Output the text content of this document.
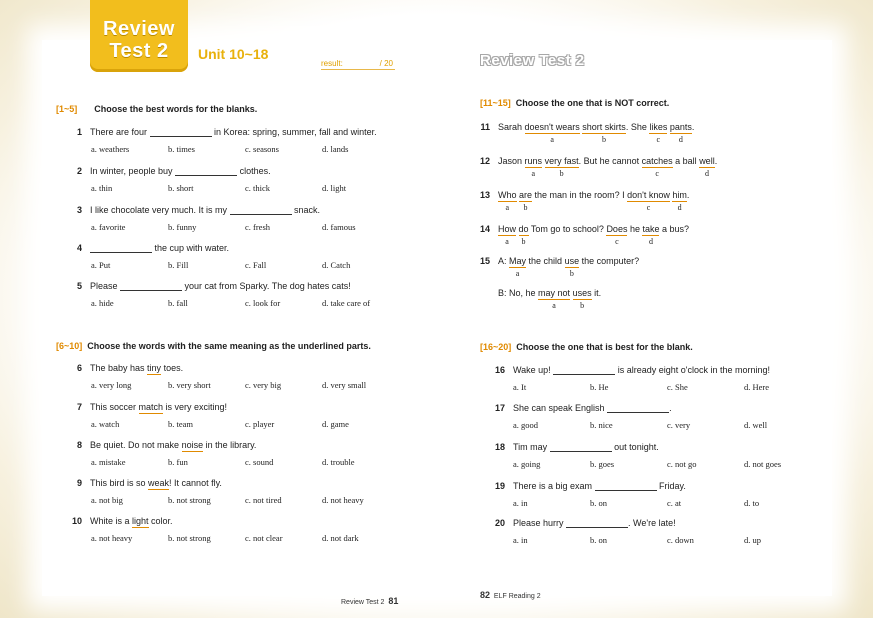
Review
Test 2	Unit 10~18
result:	/ 20	Review Test 2
[1~5] Choose the best words for the blanks.
[6~10] Choose the words with the same meaning as the underlined parts.
1 There are four	in Korea: spring, summer, fall and winter.
a. weathers	b. times	c. seasons	d. lands
2 In winter, people buy	clothes.
a. thin	b. short	c. thick	d. light
3 I like chocolate very much. It is my	snack.
a. favorite	b. funny	c. fresh	d. famous
4	the cup with water.
a. Put	b. Fill	c. Fall	d. Catch
5 Please	your cat from Sparky. The dog hates cats!
a. hide	b. fall	c. look for	d. take care of
6 The baby has tiny toes.
a. very long	b. very short	c. very big	d. very small
7 This soccer match is very exciting!
a. watch	b. team	c. player	d. game
8 Be quiet. Do not make noise in the library.
a. mistake	b. fun	c. sound	d. trouble
9 This bird is so weak! It cannot fly.
a. not big	b. not strong	c. not tired	d. not heavy
10 White is a light color.
a. not heavy	b. not strong	c. not clear	d. not dark
[11~15] Choose the one that is NOT correct.
[16~20] Choose the one that is best for the blank.
11 Sarah doesn't wears
a
short skirts
b
. She likes
c
pants
d
.
12 Jason runs
a
very fast
b
. But he cannot catches
c
a ball well
d
.
13 Who
a
are
b
the man in the room? I don't know
c
him
d
.
14 How
a
do
b
Tom go to school? Does
c
he take
d
a bus?
15 A: May
a
the child use
b
the computer?
B: No, he may not
a
uses
b
it.
16 Wake up!	is already eight o'clock in the morning!
a. It	b. He	c. She	d. Here
17 She can speak English	.
a. good	b. nice	c. very	d. well
18 Tim may	out tonight.
a. going	b. goes	c. not go	d. not goes
19 There is a big exam	Friday.
a. in	b. on	c. at	d. to
20 Please hurry	. We're late!
a. in	b. on	c. down	d. up
Review Test 2 81
82 ELF Reading 2
